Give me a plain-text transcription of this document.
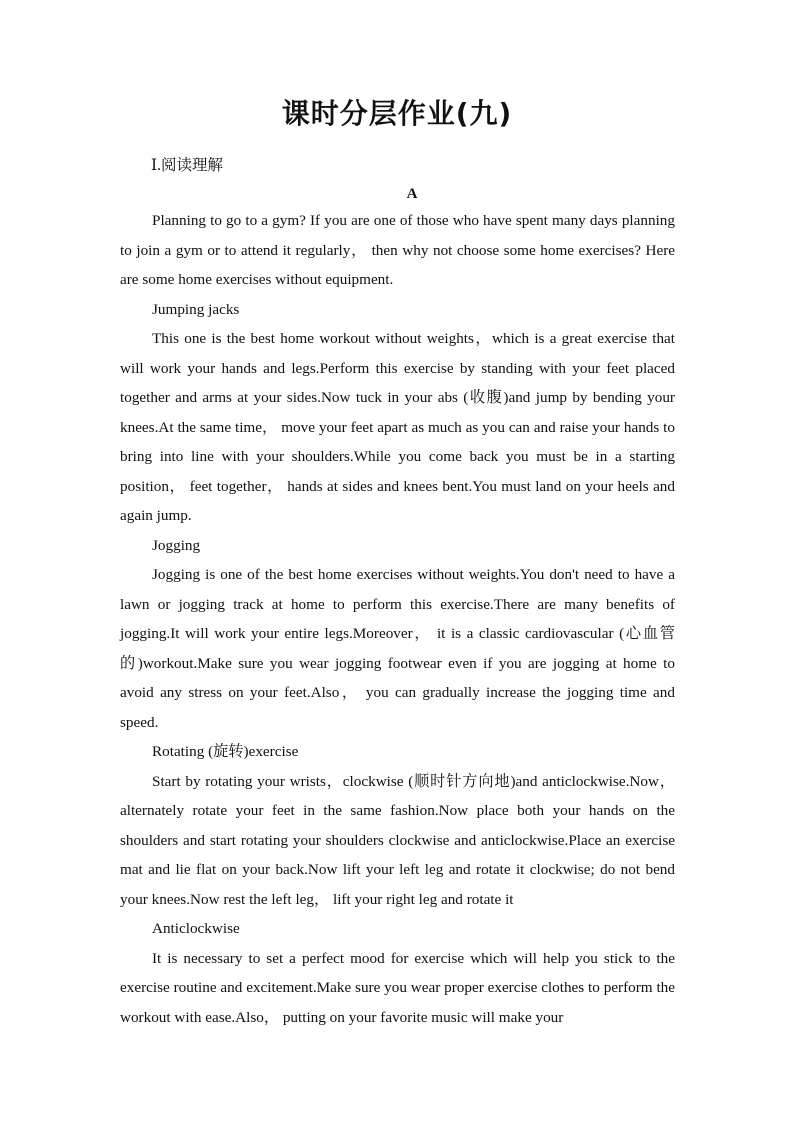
课时分层作业(九)
Ⅰ.阅读理解
A

Planning to go to a gym? If you are one of those who have spent many days planning to join a gym or to attend it regularly， then why not choose some home exercises? Here are some home exercises without equipment.

Jumping jacks

This one is the best home workout without weights，which is a great exercise that will work your hands and legs.Perform this exercise by standing with your feet placed together and arms at your sides.Now tuck in your abs (收腹)and jump by bending your knees.At the same time， move your feet apart as much as you can and raise your hands to bring into line with your shoulders.While you come back you must be in a starting position， feet together， hands at sides and knees bent.You must land on your heels and again jump.

Jogging

Jogging is one of the best home exercises without weights.You don't need to have a lawn or jogging track at home to perform this exercise.There are many benefits of jogging.It will work your entire legs.Moreover， it is a classic cardiovascular (心血管的)workout.Make sure you wear jogging footwear even if you are jogging at home to avoid any stress on your feet.Also， you can gradually increase the jogging time and speed.

Rotating (旋转)exercise

Start by rotating your wrists，clockwise (顺时针方向地)and anticlockwise.Now， alternately rotate your feet in the same fashion.Now place both your hands on the shoulders and start rotating your shoulders clockwise and anticlockwise.Place an exercise mat and lie flat on your back.Now lift your left leg and rotate it clockwise; do not bend your knees.Now rest the left leg， lift your right leg and rotate it

Anticlockwise

It is necessary to set a perfect mood for exercise which will help you stick to the exercise routine and excitement.Make sure you wear proper exercise clothes to perform the workout with ease.Also， putting on your favorite music will make your
